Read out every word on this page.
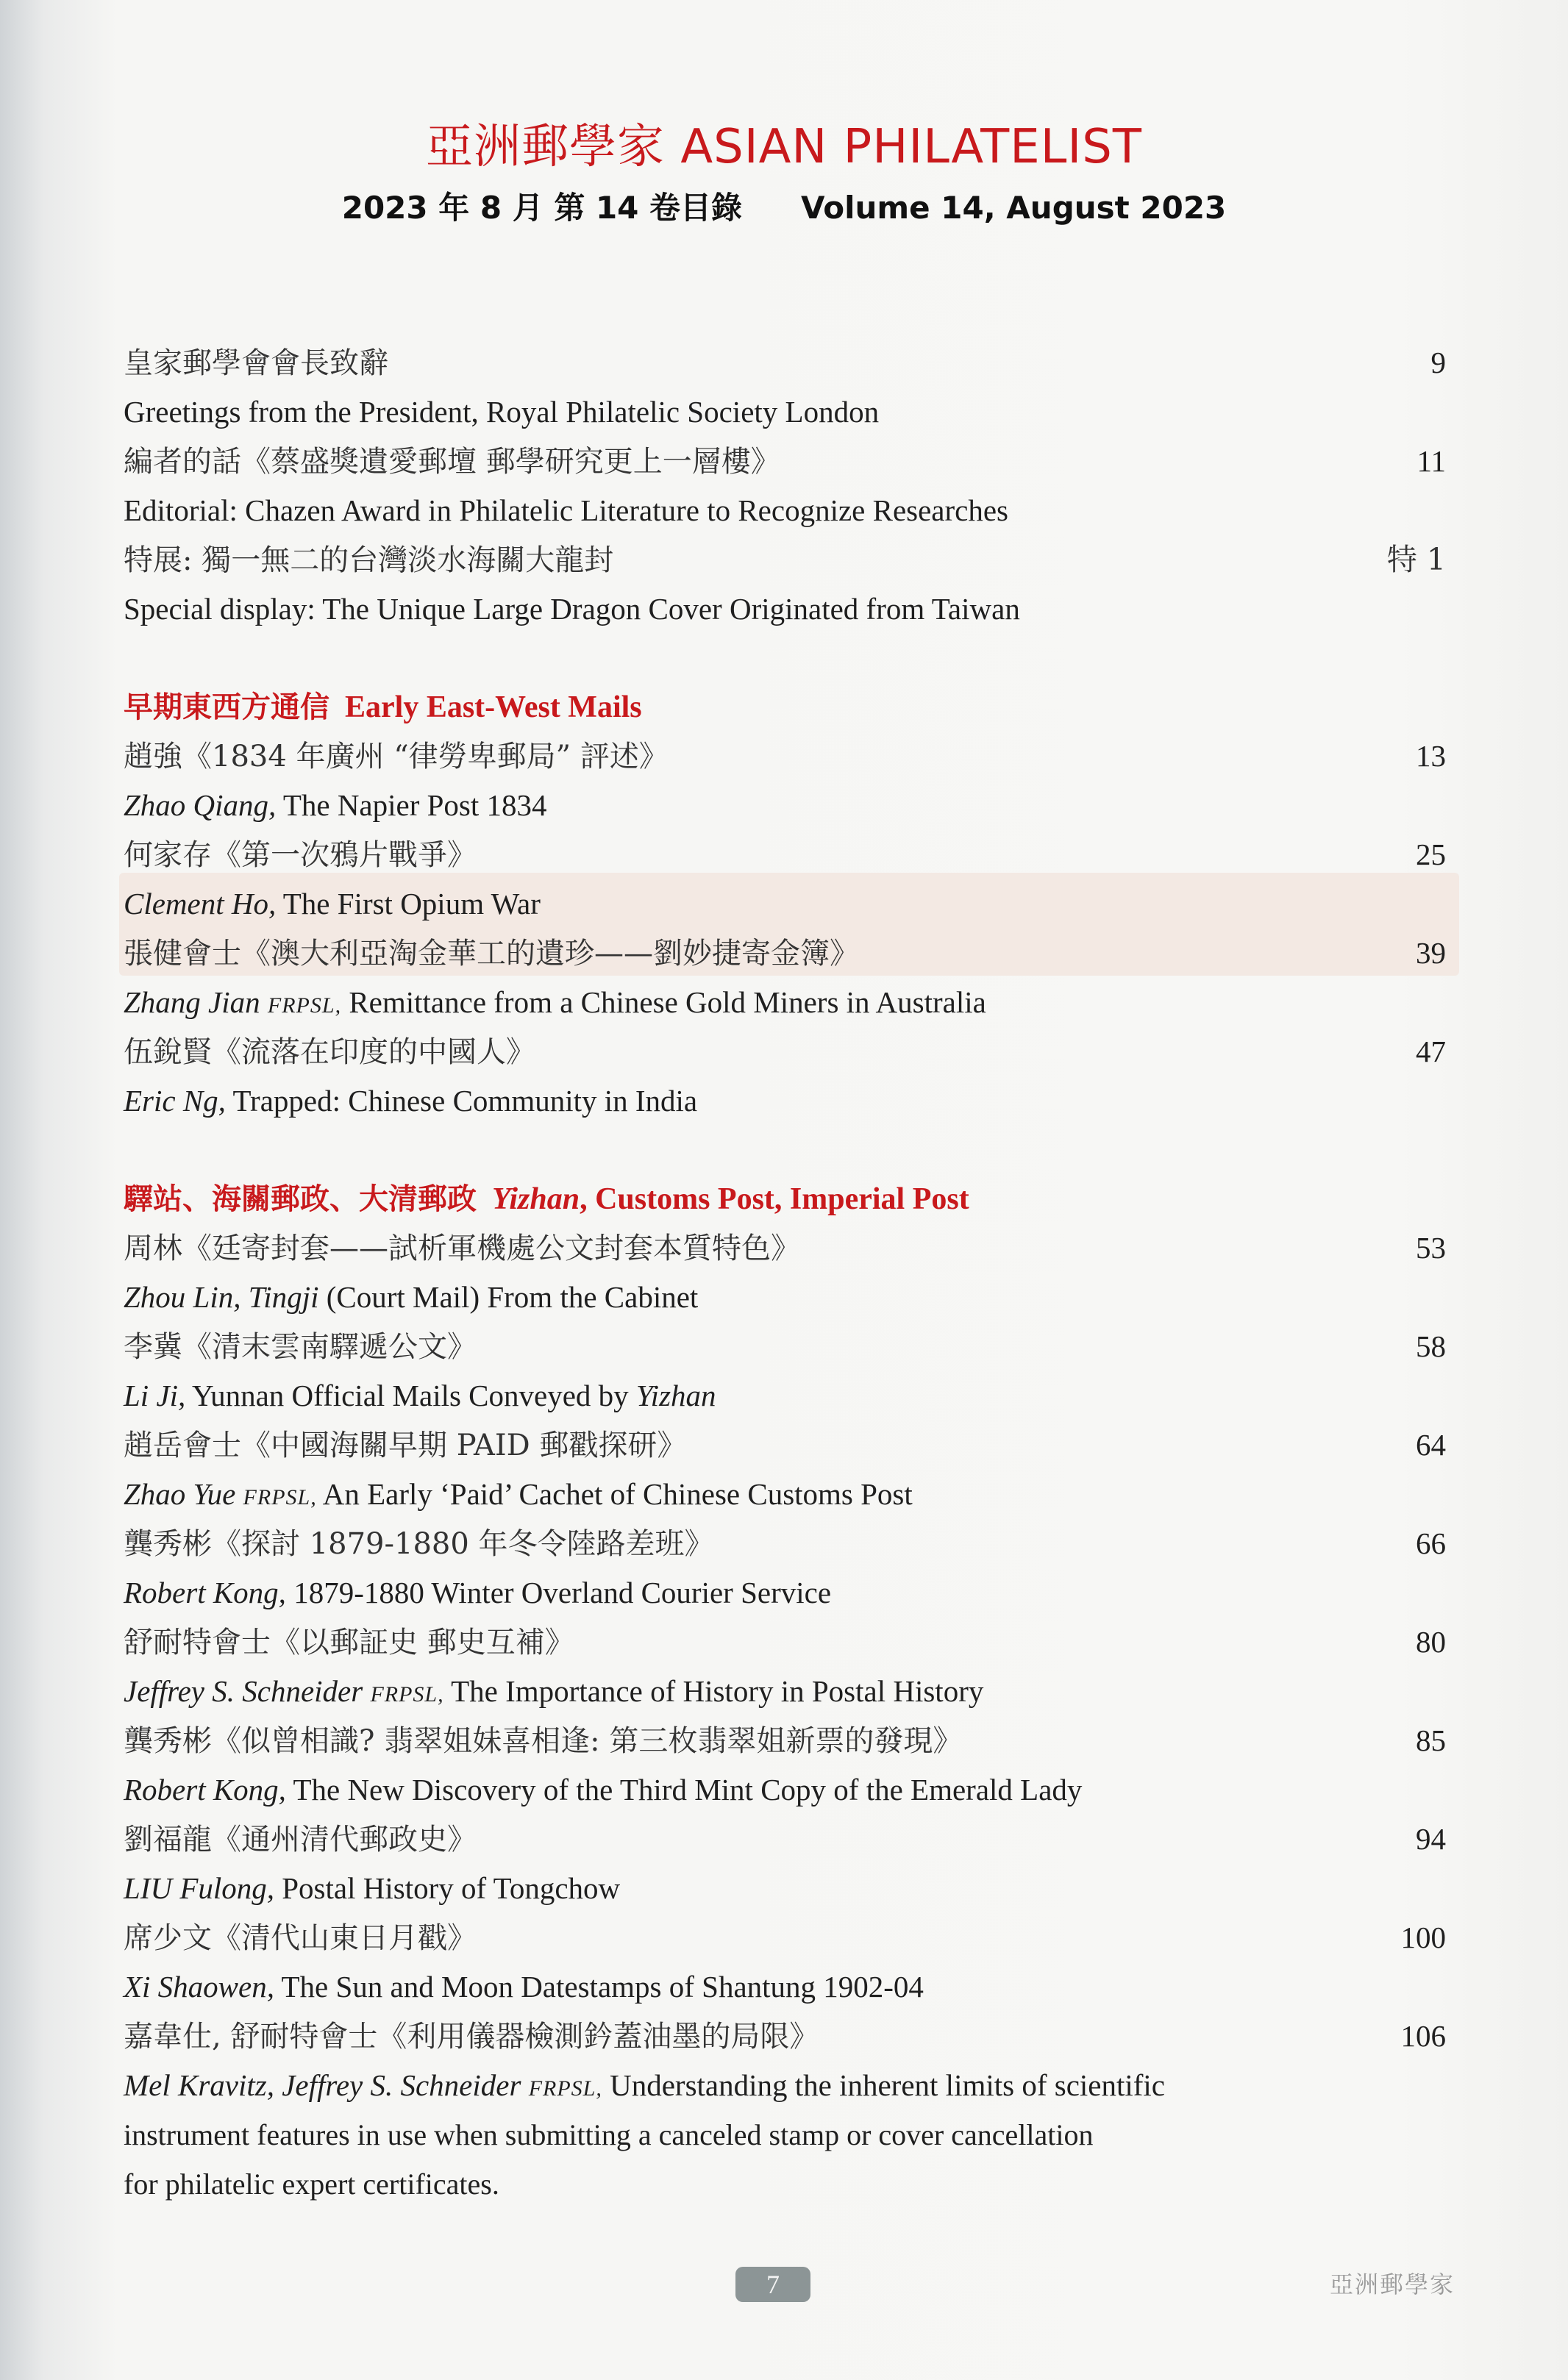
亞洲郵學家 ASIAN PHILATELIST
2023 年 8 月 第 14 卷目錄 Volume 14, August 2023
皇家郵學會會長致辭	9
Greetings from the President, Royal Philatelic Society London
編者的話《蔡盛獎遺愛郵壇 郵學研究更上一層樓》	11
Editorial: Chazen Award in Philatelic Literature to Recognize Researches
特展: 獨一無二的台灣淡水海關大龍封	特 1
Special display: The Unique Large Dragon Cover Originated from Taiwan
早期東西方通信 Early East-West Mails
趙強《1834 年廣州 “律勞卑郵局” 評述》	13
Zhao Qiang, The Napier Post 1834
何家存《第一次鴉片戰爭》	25
Clement Ho, The First Opium War
張健會士《澳大利亞淘金華工的遺珍——劉妙捷寄金簿》	39
Zhang Jian FRPSL, Remittance from a Chinese Gold Miners in Australia
伍銳賢《流落在印度的中國人》	47
Eric Ng, Trapped: Chinese Community in India
驛站、海關郵政、大清郵政 Yizhan, Customs Post, Imperial Post
周林《廷寄封套——試析軍機處公文封套本質特色》	53
Zhou Lin, Tingji (Court Mail) From the Cabinet
李冀《清末雲南驛遞公文》	58
Li Ji, Yunnan Official Mails Conveyed by Yizhan
趙岳會士《中國海關早期 PAID 郵戳探研》	64
Zhao Yue FRPSL, An Early ‘Paid’ Cachet of Chinese Customs Post
龔秀彬《探討 1879-1880 年冬令陸路差班》	66
Robert Kong, 1879-1880 Winter Overland Courier Service
舒耐特會士《以郵証史 郵史互補》	80
Jeffrey S. Schneider FRPSL, The Importance of History in Postal History
龔秀彬《似曾相識? 翡翠姐妹喜相逢: 第三枚翡翠姐新票的發現》	85
Robert Kong, The New Discovery of the Third Mint Copy of the Emerald Lady
劉福龍《通州清代郵政史》	94
LIU Fulong, Postal History of Tongchow
席少文《清代山東日月戳》	100
Xi Shaowen, The Sun and Moon Datestamps of Shantung 1902-04
嘉韋仕, 舒耐特會士《利用儀器檢測鈐蓋油墨的局限》	106
Mel Kravitz, Jeffrey S. Schneider FRPSL, Understanding the inherent limits of scientific
instrument features in use when submitting a canceled stamp or cover cancellation
for philatelic expert certificates.
7	亞洲郵學家
